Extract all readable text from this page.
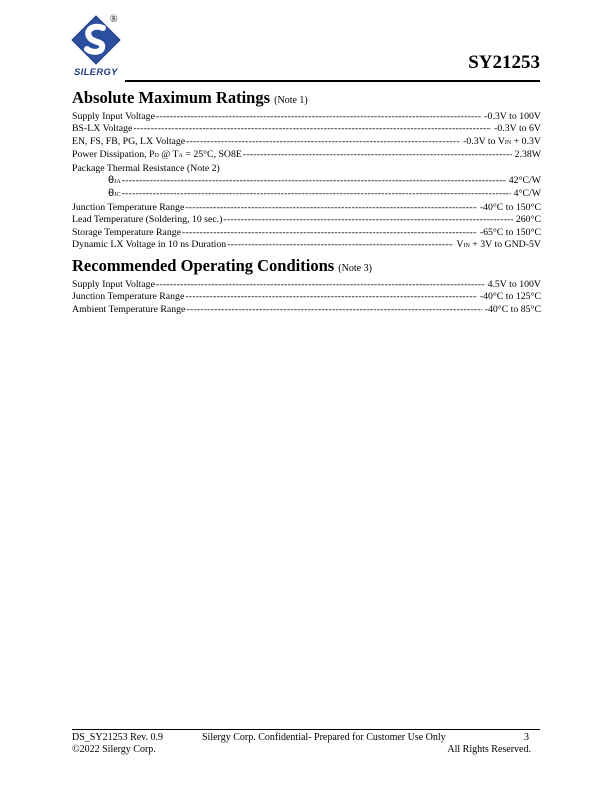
SILERGY
®
SY21253
Absolute Maximum Ratings (Note 1)
Supply Input Voltage -----	-0.3V to 100V
BS-LX Voltage -----	-0.3V to 6V
EN, FS, FB, PG, LX Voltage -----	-0.3V to VIN + 0.3V
Power Dissipation, PD @ TA = 25°C, SO8E -----	2.38W
Package Thermal Resistance (Note 2)
θJA -----	42°C/W
θJC -----	4°C/W
Junction Temperature Range -----	-40°C to 150°C
Lead Temperature (Soldering, 10 sec.) -----	260°C
Storage Temperature Range -----	-65°C to 150°C
Dynamic LX Voltage in 10 ns Duration -----	VIN + 3V to GND-5V
Recommended Operating Conditions (Note 3)
Supply Input Voltage -----	4.5V to 100V
Junction Temperature Range -----	-40°C to 125°C
Ambient Temperature Range -----	-40°C to 85°C
DS_SY21253 Rev. 0.9	Silergy Corp. Confidential- Prepared for Customer Use Only	3
©2022 Silergy Corp.	All Rights Reserved.
